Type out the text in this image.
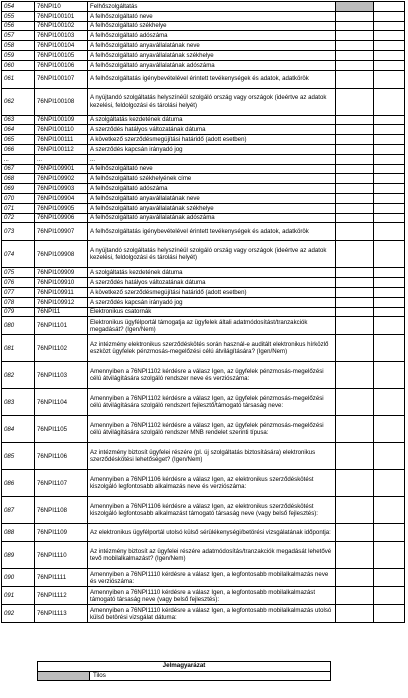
054	76NPI10	Felhőszolgáltatás		
055	76NPI100101	A felhőszolgáltató neve		
056	76NPI100102	A felhőszolgáltató székhelye		
057	76NPI100103	A felhőszolgáltató adószáma		
058	76NPI100104	A felhőszolgáltató anyavállalatának neve		
059	76NPI100105	A felhőszolgáltató anyavállalatának székhelye		
060	76NPI100106	A felhőszolgáltató anyavállalatának adószáma		
061	76NPI100107	A felhőszolgáltatás igénybevételével érintett tevékenységek és adatok, adatkörök		
062	76NPI100108	A nyújtandó szolgáltatás helyszínéül szolgáló ország vagy országok (ideértve az adatok kezelési, feldolgozási és tárolási helyét)		
063	76NPI100109	A szolgáltatás kezdetének dátuma		
064	76NPI100110	A szerződés hatályos változatának dátuma		
065	76NPI100111	A következő szerződésmegújítási határidő (adott esetben)		
066	76NPI100112	A szerződés kapcsán irányadó jog		
...	...	...		
067	76NPI109901	A felhőszolgáltató neve		
068	76NPI109902	A felhőszolgáltató székhelyének címe		
069	76NPI109903	A felhőszolgáltató adószáma		
070	76NPI109904	A felhőszolgáltató anyavállalatának neve		
071	76NPI109905	A felhőszolgáltató anyavállalatának székhelye		
072	76NPI109906	A felhőszolgáltató anyavállalatának adószáma		
073	76NPI109907	A felhőszolgáltatás igénybevételével érintett tevékenységek és adatok, adatkörök		
074	76NPI109908	A nyújtandó szolgáltatás helyszínéül szolgáló ország vagy országok (ideértve az adatok kezelési, feldolgozási és tárolási helyét)		
075	76NPI109909	A szolgáltatás kezdetének dátuma		
076	76NPI109910	A szerződés hatályos változatának dátuma		
077	76NPI109911	A következő szerződésmegújítási határidő (adott esetben)		
078	76NPI109912	A szerződés kapcsán irányadó jog		
079	76NPI11	Elektronikus csatornák		
080	76NPI1101	Elektronikus ügyfélportál támogatja az ügyfelek általi adatmódosítást/tranzakciók megadását? (Igen/Nem)		
081	76NPI1102	Az intézmény elektronikus szerződéskötés során használ-e auditált elektronikus hírközlő eszközt ügyfelek pénzmosás-megelőzési célú átvilágítására? (Igen/Nem)		
082	76NPI1103	Amennyiben a 76NPI1102 kérdésre a válasz Igen, az ügyfelek pénzmosás-megelőzési célú átvilágítására szolgáló rendszer neve és verziószáma:		
083	76NPI1104	Amennyiben a 76NPI1102 kérdésre a válasz Igen, az ügyfelek pénzmosás-megelőzési célú átvilágítására szolgáló rendszert fejlesztő/támogató társaság neve:		
084	76NPI1105	Amennyiben a 76NPI1102 kérdésre a válasz Igen, az ügyfelek pénzmosás-megelőzési célú átvilágítására szolgáló rendszer MNB rendelet szerinti típusa:		
085	76NPI1106	Az intézmény biztosít ügyfelei részére (pl. új szolgáltatás biztosítására) elektronikus szerződéskötési lehetőséget? (Igen/Nem)		
086	76NPI1107	Amennyiben a 76NPI1106 kérdésre a válasz Igen, az elektronikus szerződéskötést kiszolgáló legfontosabb alkalmazás neve és verziószáma:		
087	76NPI1108	Amennyiben a 76NPI1106 kérdésre a válasz Igen, az elektronikus szerződéskötést kiszolgáló legfontosabb alkalmazást támogató társaság neve (vagy belső fejlesztés):		
088	76NPI1109	Az elektronikus ügyfélportál utolsó külső sérülékenységi/betörési vizsgálatának időpontja:		
089	76NPI1110	Az intézmény biztosít az ügyfelei részére adatmódosítás/tranzakciók megadását lehetővé tevő mobilalkalmazást? (Igen/Nem)		
090	76NPI1111	Amennyiben a 76NPI1110 kérdésre a válasz Igen, a legfontosabb mobilalkalmazás neve és verziószáma:		
091	76NPI1112	Amennyiben a 76NPI1110 kérdésre a válasz Igen, a legfontosabb mobilalkalmazást támogató társaság neve (vagy belső fejlesztés):		
092	76NPI1113	Amennyiben a 76NPI1110 kérdésre a válasz Igen, a legfontosabb mobilalkalmazás utolsó külső betörési vizsgálat dátuma:		
Jelmagyarázat
	Tilos
